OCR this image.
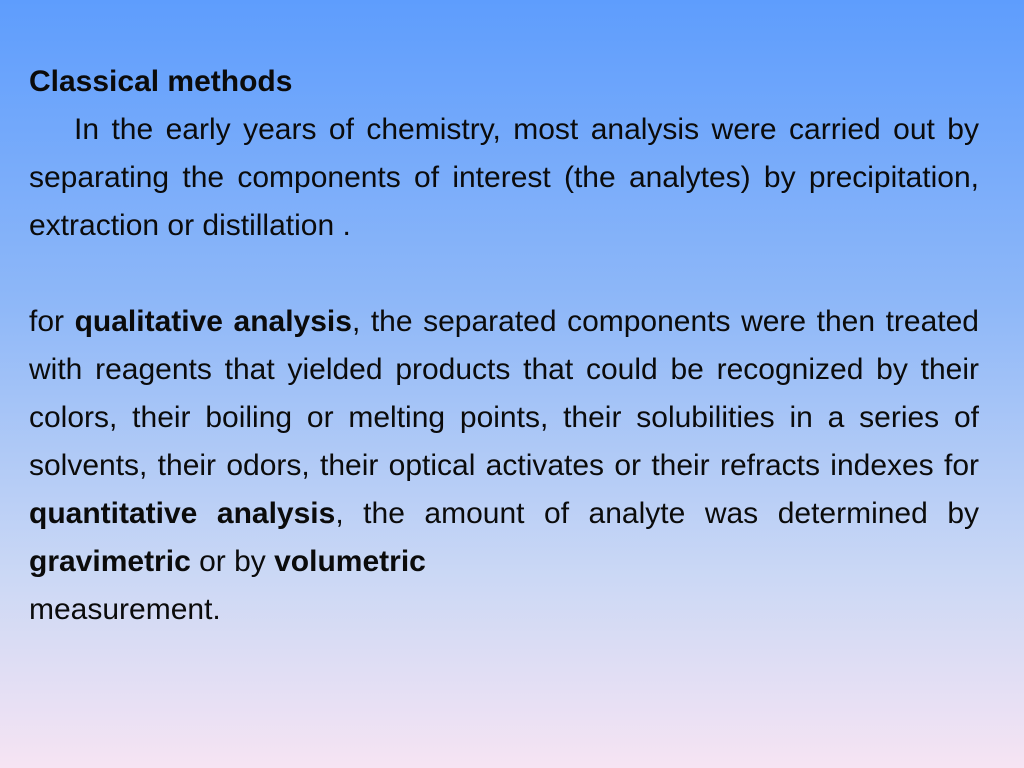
Classical methods

In the early years of chemistry, most analysis were carried out by separating the components of interest (the analytes) by precipitation, extraction or distillation .

for qualitative analysis, the separated components were then treated with reagents that yielded products that could be recognized by their colors, their boiling or melting points, their solubilities in a series of solvents, their odors, their optical activates or their refracts indexes for quantitative analysis, the amount of analyte was determined by gravimetric or by volumetric

measurement.
